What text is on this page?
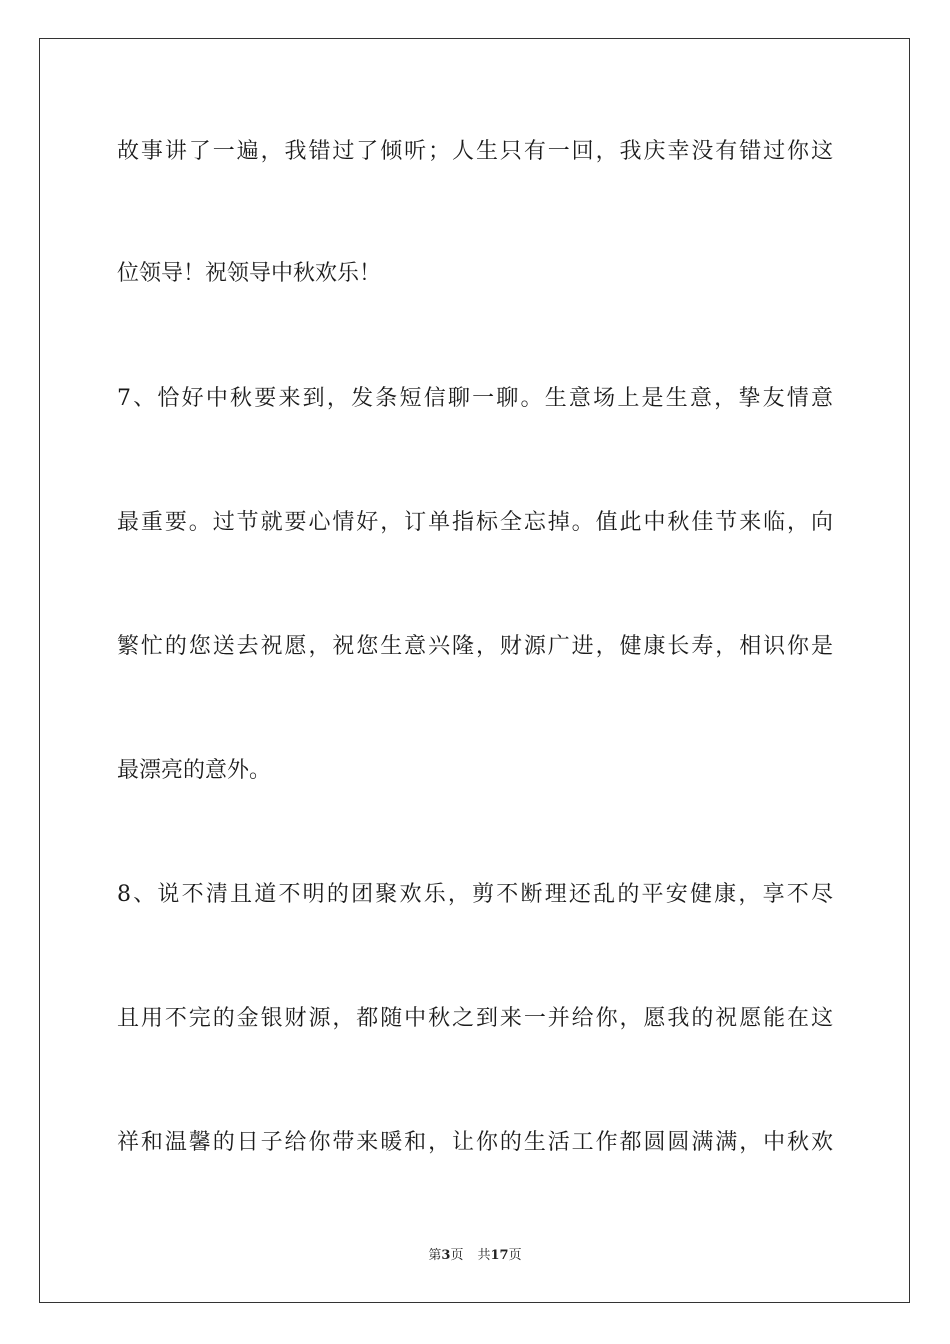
故事讲了一遍，我错过了倾听；人生只有一回，我庆幸没有错过你这
位领导！祝领导中秋欢乐！
7、恰好中秋要来到，发条短信聊一聊。生意场上是生意，挚友情意
最重要。过节就要心情好，订单指标全忘掉。值此中秋佳节来临，向
繁忙的您送去祝愿，祝您生意兴隆，财源广进，健康长寿，相识你是
最漂亮的意外。
8、说不清且道不明的团聚欢乐，剪不断理还乱的平安健康，享不尽
且用不完的金银财源，都随中秋之到来一并给你，愿我的祝愿能在这
祥和温馨的日子给你带来暖和，让你的生活工作都圆圆满满，中秋欢
第3页 共17页
